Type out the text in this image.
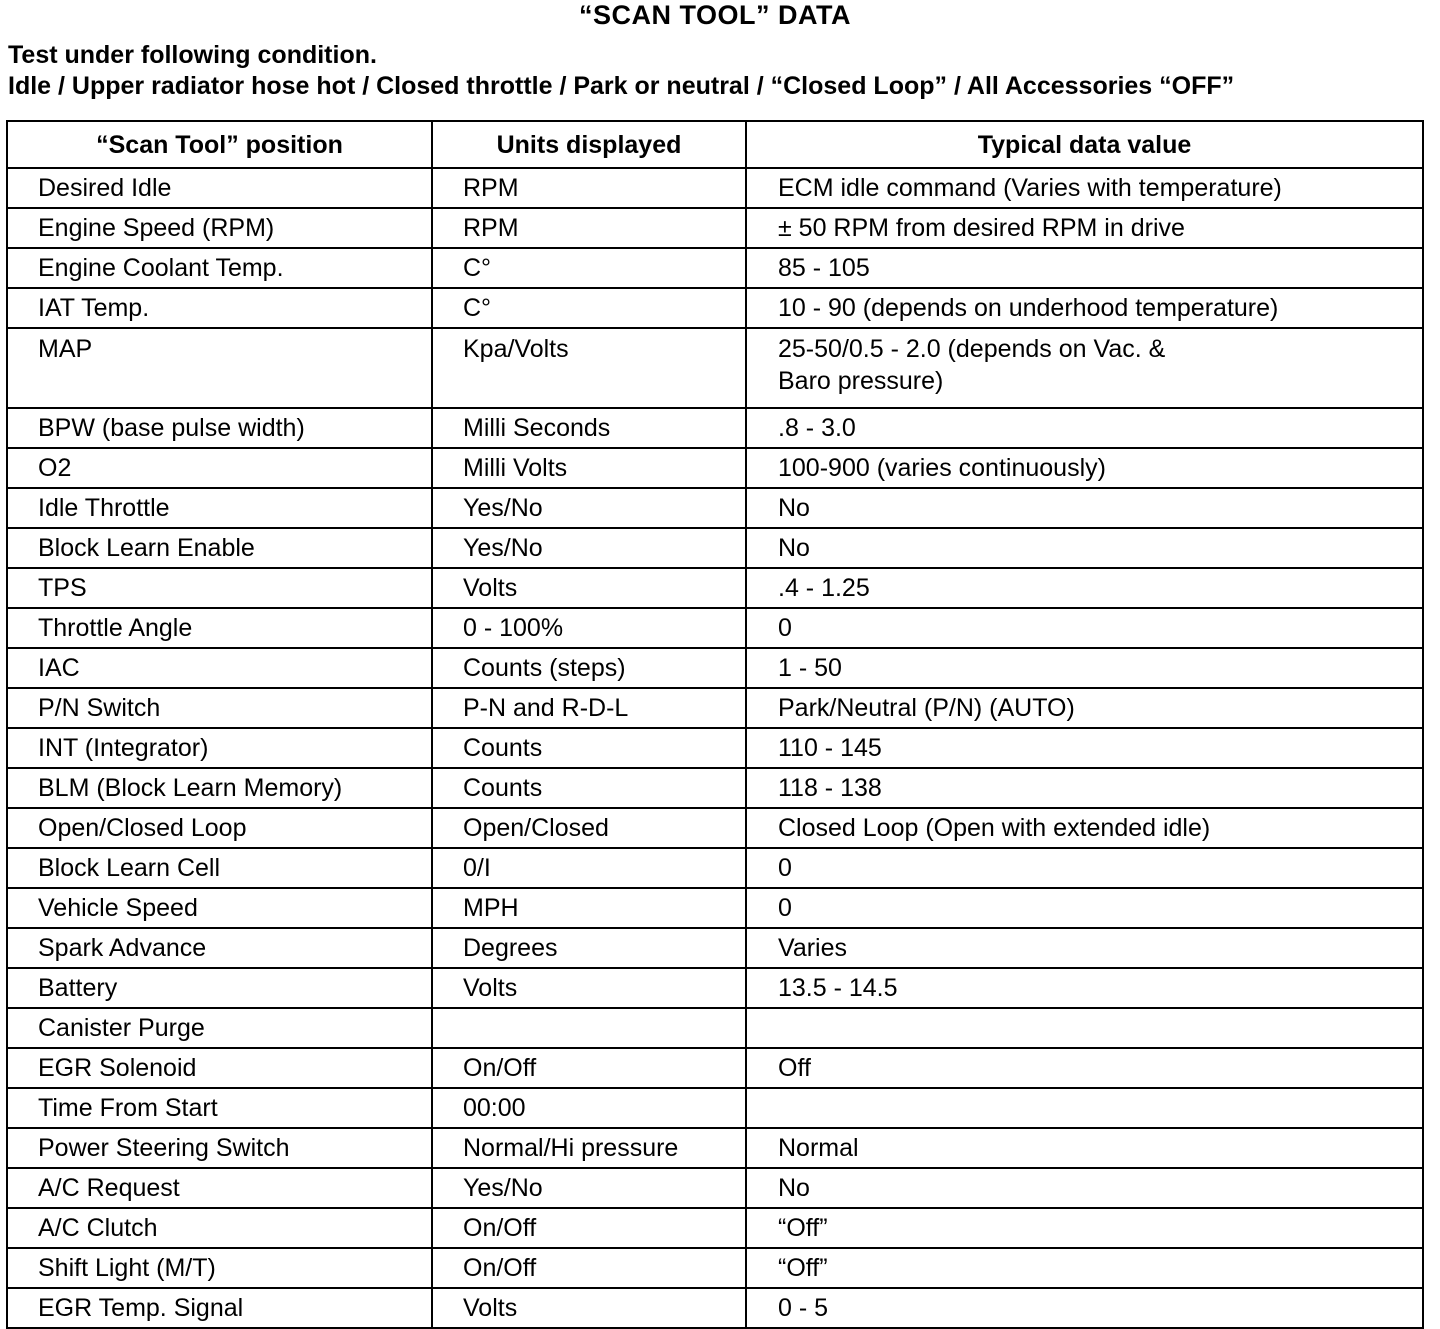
“SCAN TOOL” DATA
Test under following condition.
Idle / Upper radiator hose hot / Closed throttle / Park or neutral / “Closed Loop” / All Accessories “OFF”
“Scan Tool” position	Units displayed	Typical data value
Desired Idle	RPM	ECM idle command (Varies with temperature)
Engine Speed (RPM)	RPM	± 50 RPM from desired RPM in drive
Engine Coolant Temp.	C°	85 - 105
IAT Temp.	C°	10 - 90 (depends on underhood temperature)
MAP	Kpa/Volts	25-50/0.5 - 2.0 (depends on Vac. &
Baro pressure)
BPW (base pulse width)	Milli Seconds	.8 - 3.0
O2	Milli Volts	100-900 (varies continuously)
Idle Throttle	Yes/No	No
Block Learn Enable	Yes/No	No
TPS	Volts	.4 - 1.25
Throttle Angle	0 - 100%	0
IAC	Counts (steps)	1 - 50
P/N Switch	P-N and R-D-L	Park/Neutral (P/N) (AUTO)
INT (Integrator)	Counts	110 - 145
BLM (Block Learn Memory)	Counts	118 - 138
Open/Closed Loop	Open/Closed	Closed Loop (Open with extended idle)
Block Learn Cell	0/I	0
Vehicle Speed	MPH	0
Spark Advance	Degrees	Varies
Battery	Volts	13.5 - 14.5
Canister Purge		
EGR Solenoid	On/Off	Off
Time From Start	00:00	
Power Steering Switch	Normal/Hi pressure	Normal
A/C Request	Yes/No	No
A/C Clutch	On/Off	“Off”
Shift Light (M/T)	On/Off	“Off”
EGR Temp. Signal	Volts	0 - 5
